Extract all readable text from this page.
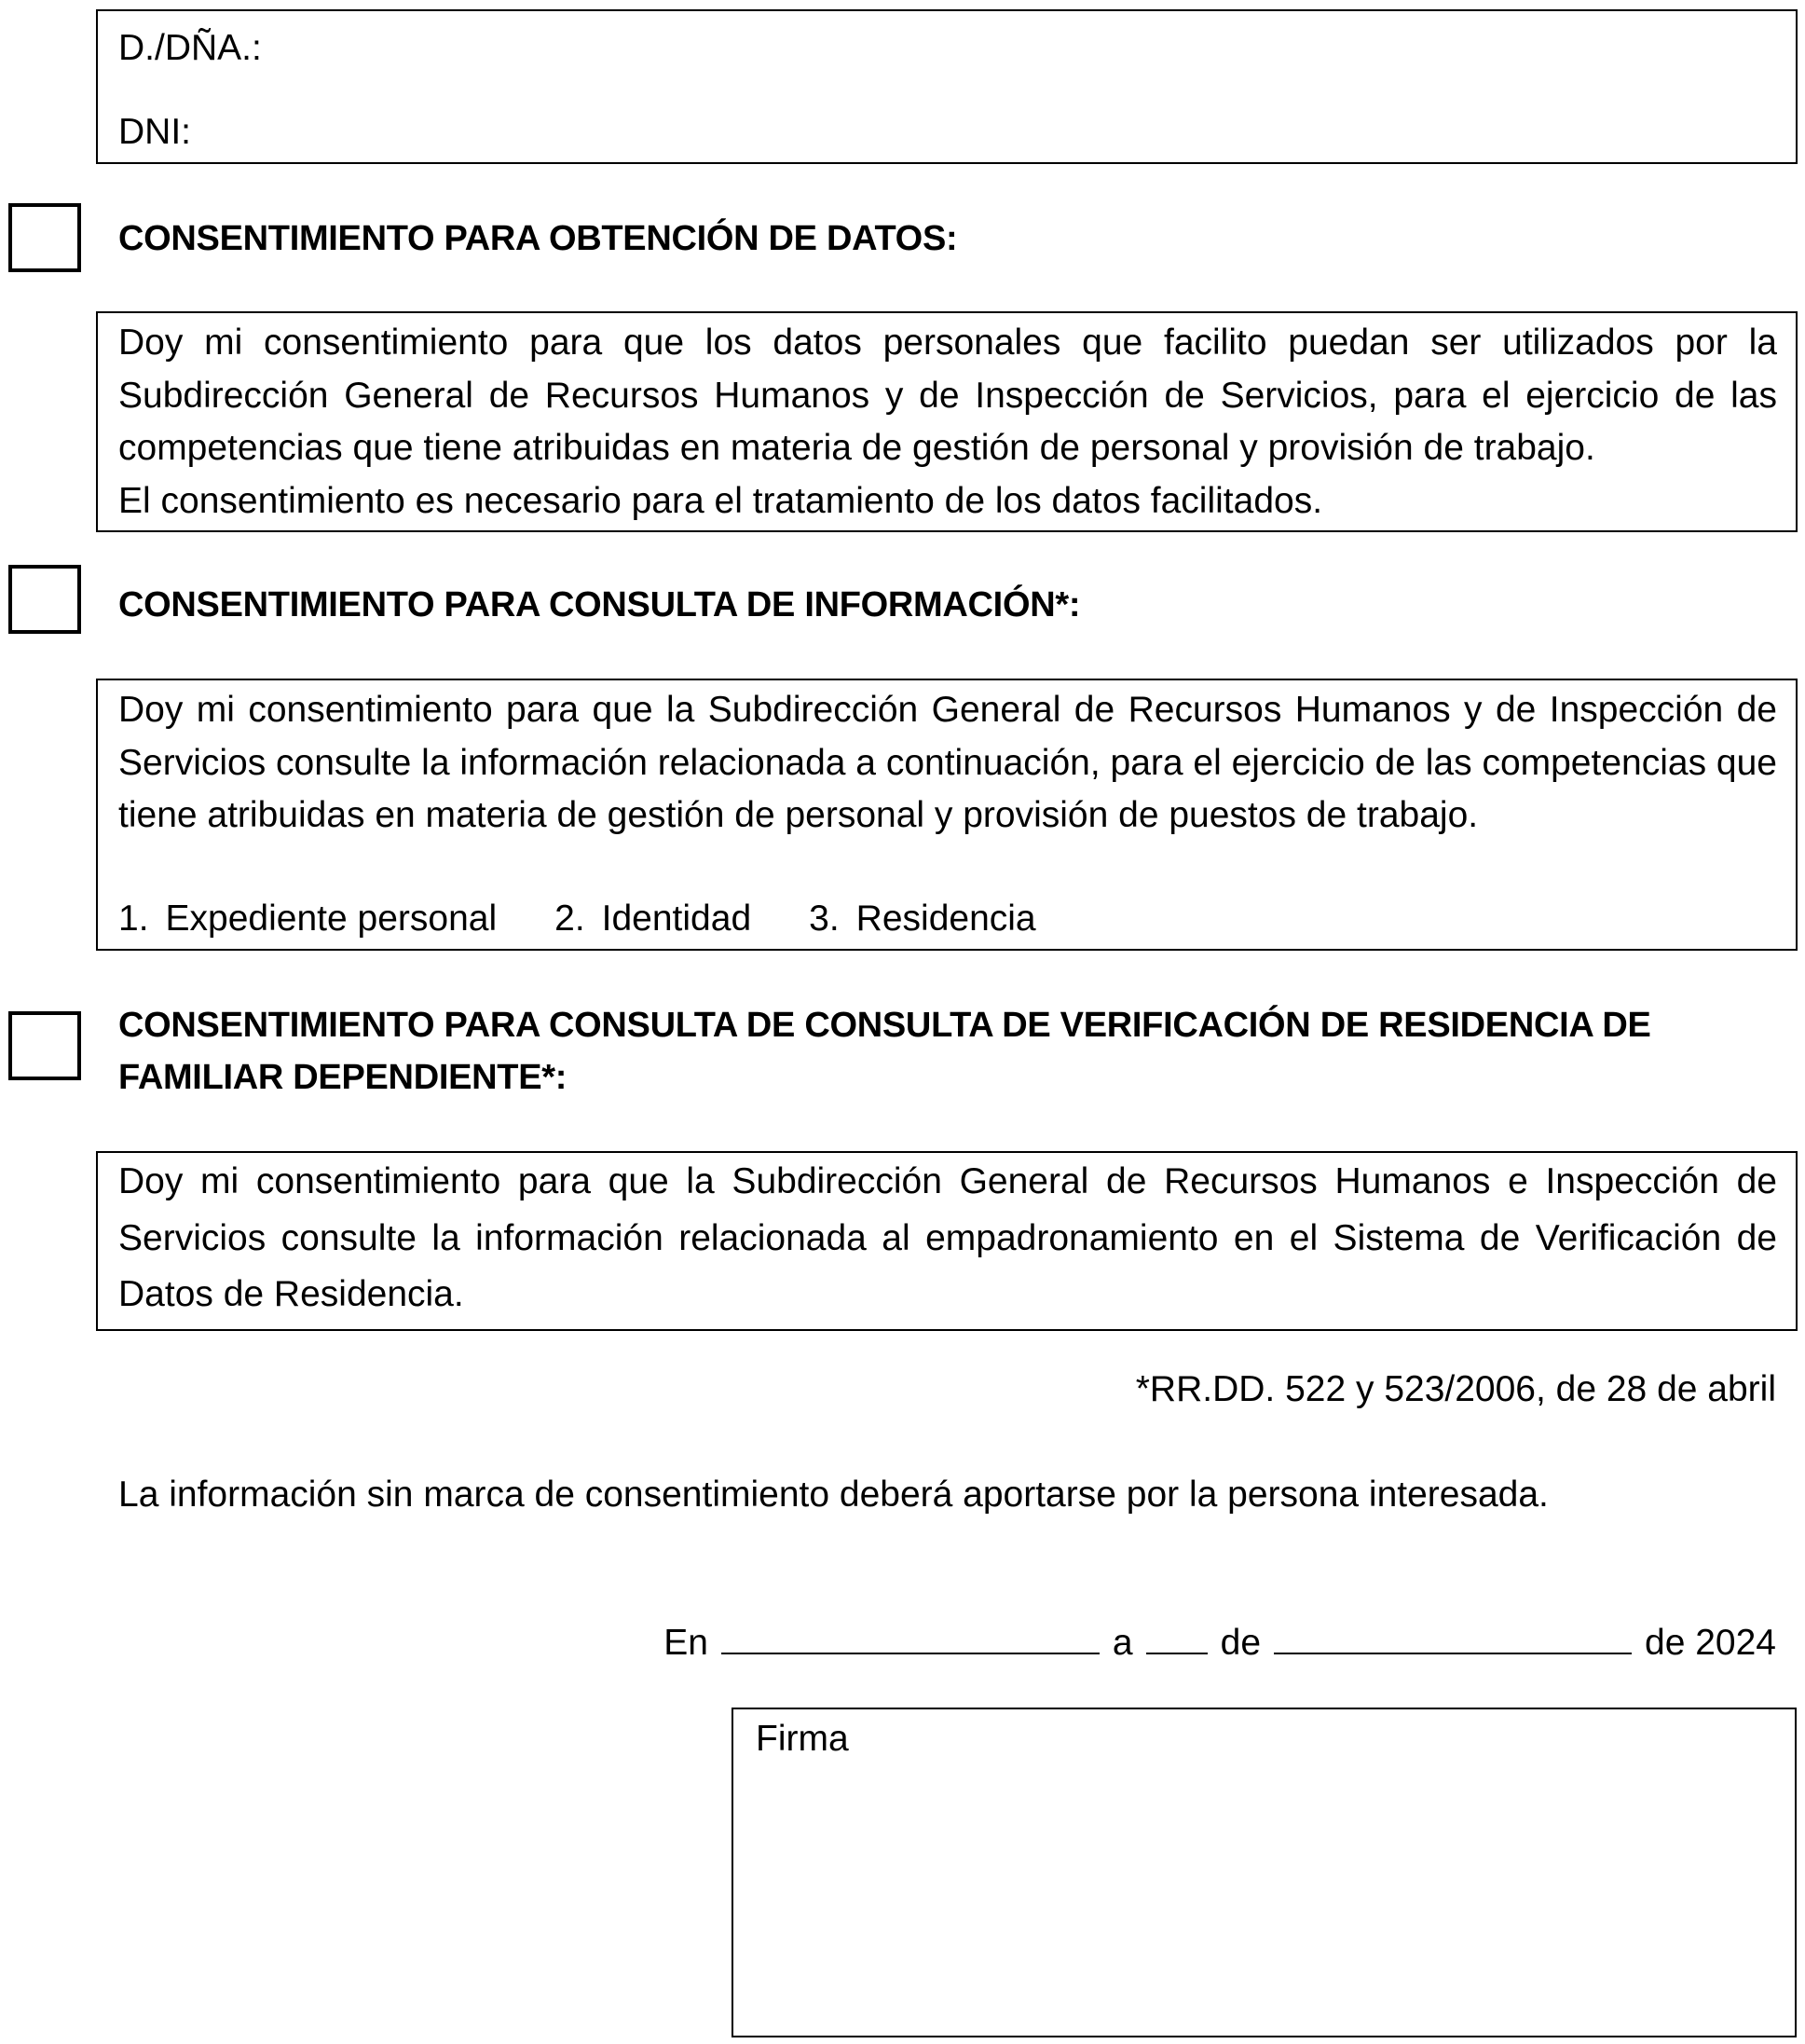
D./DÑA.:
DNI:
CONSENTIMIENTO PARA OBTENCIÓN DE DATOS:

Doy mi consentimiento para que los datos personales que facilito puedan ser utilizados por la Subdirección General de Recursos Humanos y de Inspección de Servicios, para el ejercicio de las competencias que tiene atribuidas en materia de gestión de personal y provisión de trabajo.

El consentimiento es necesario para el tratamiento de los datos facilitados.

CONSENTIMIENTO PARA CONSULTA DE INFORMACIÓN*:
Doy mi consentimiento para que la Subdirección General de Recursos Humanos y de Inspección de Servicios consulte la información relacionada a continuación, para el ejercicio de las competencias que tiene atribuidas en materia de gestión de personal y provisión de puestos de trabajo.
1. Expediente personal 2. Identidad 3. Residencia
CONSENTIMIENTO PARA CONSULTA DE CONSULTA DE VERIFICACIÓN DE RESIDENCIA DE
FAMILIAR DEPENDIENTE*:
Doy mi consentimiento para que la Subdirección General de Recursos Humanos e Inspección de Servicios consulte la información relacionada al empadronamiento en el Sistema de Verificación de Datos de Residencia.
*RR.DD. 522 y 523/2006, de 28 de abril
La información sin marca de consentimiento deberá aportarse por la persona interesada.
En	a de	de 2024
Firma
